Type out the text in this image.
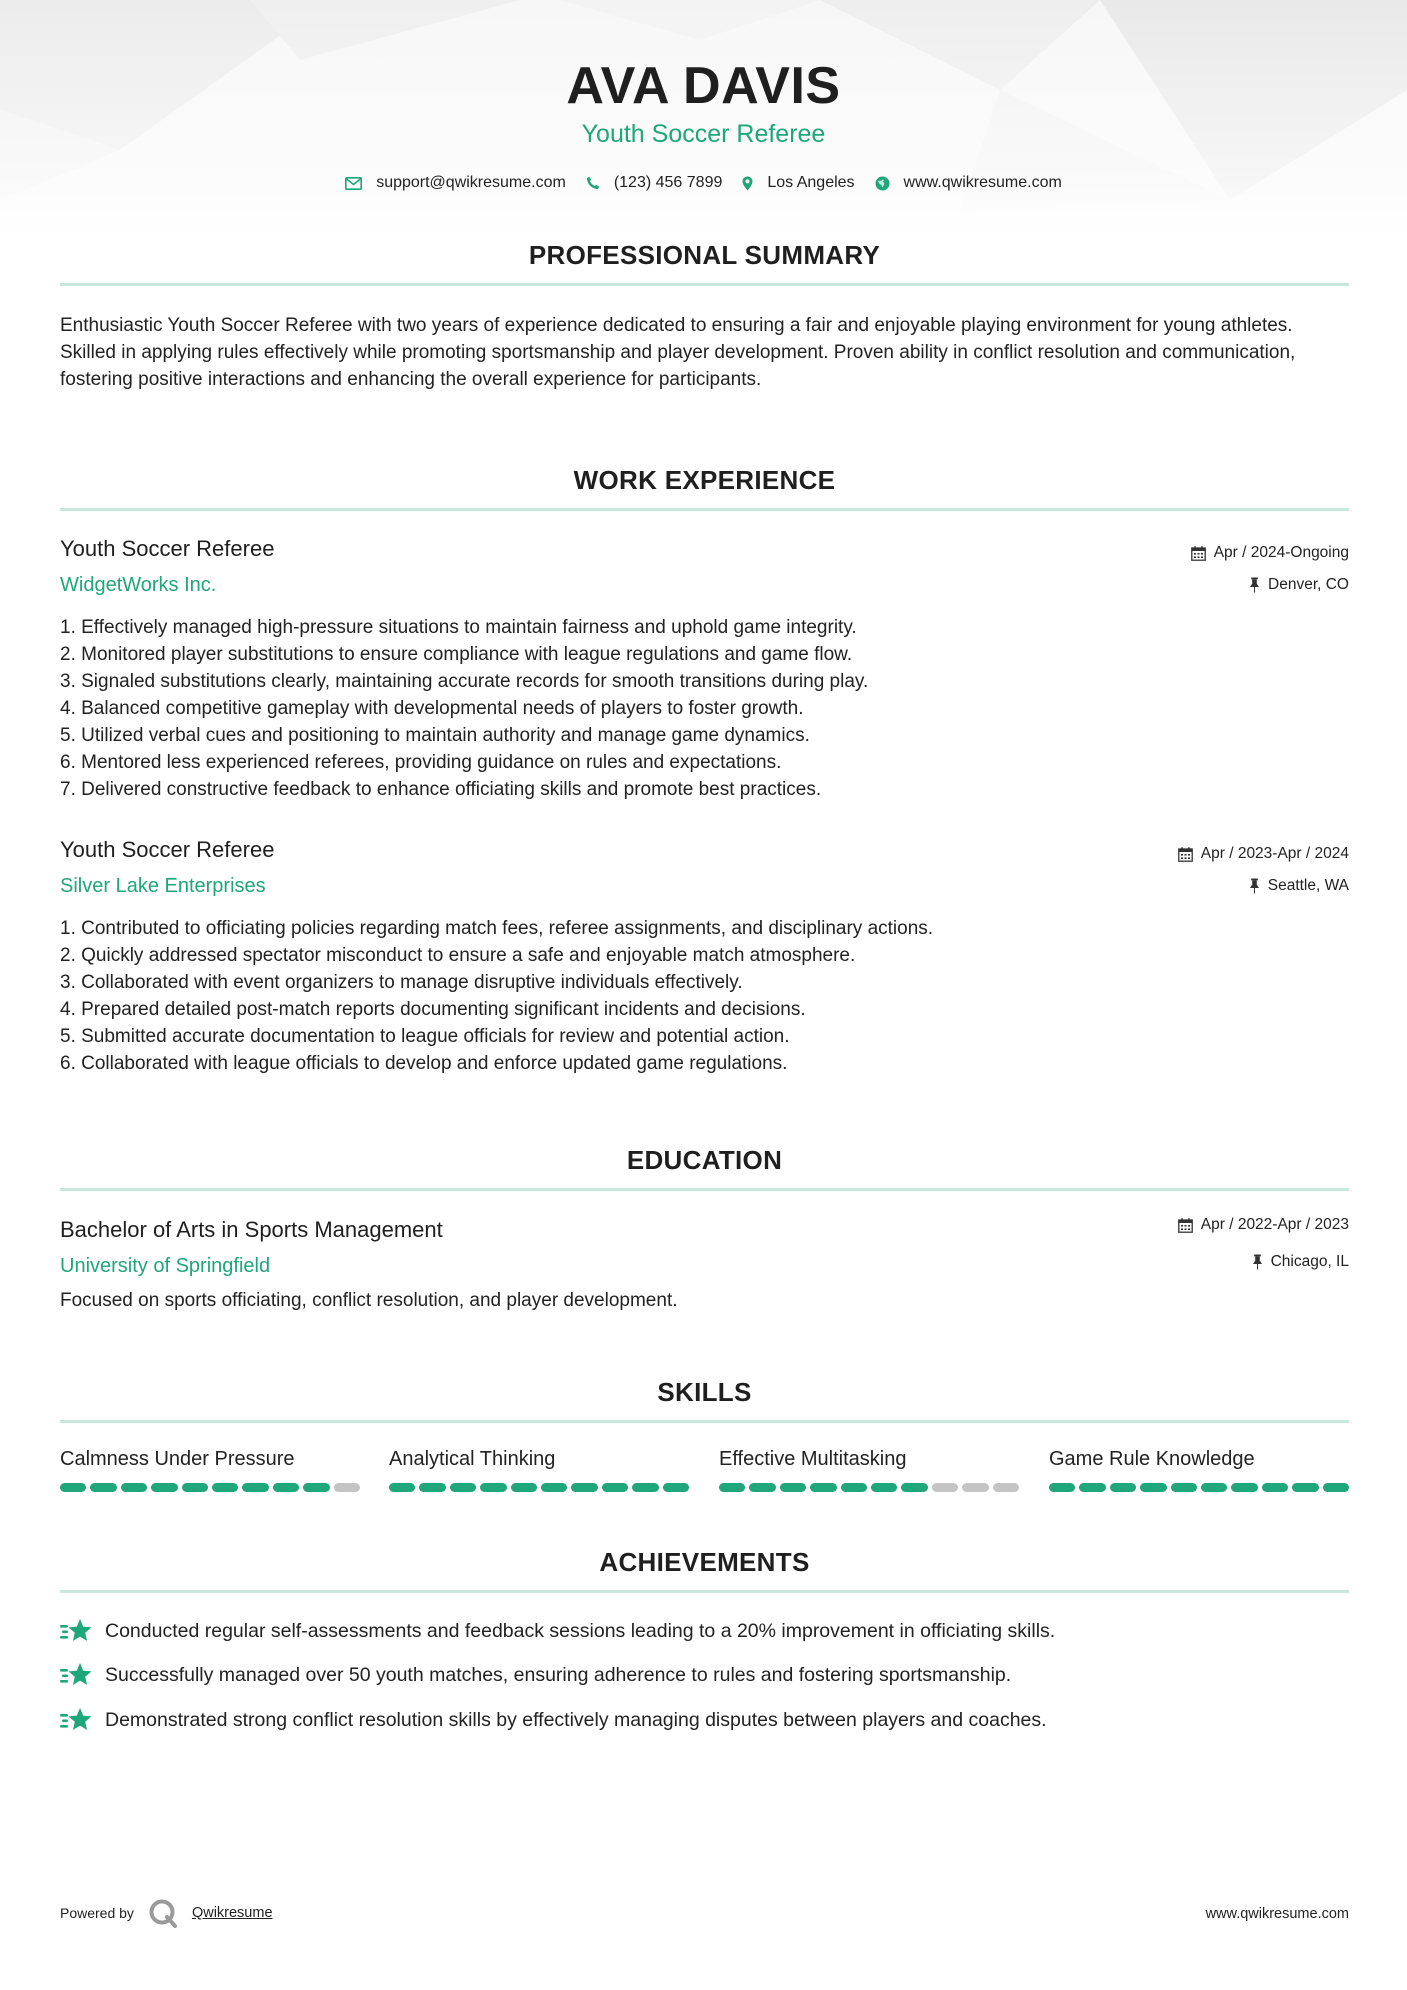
AVA DAVIS
Youth Soccer Referee
support@qwikresume.com	(123) 456 7899	Los Angeles	www.qwikresume.com
PROFESSIONAL SUMMARY
Enthusiastic Youth Soccer Referee with two years of experience dedicated to ensuring a fair and enjoyable playing environment for young athletes. Skilled in applying rules effectively while promoting sportsmanship and player development. Proven ability in conflict resolution and communication, fostering positive interactions and enhancing the overall experience for participants.
WORK EXPERIENCE
Youth Soccer Referee
WidgetWorks Inc.
Apr / 2024-Ongoing
Denver, CO
1. Effectively managed high-pressure situations to maintain fairness and uphold game integrity.
2. Monitored player substitutions to ensure compliance with league regulations and game flow.
3. Signaled substitutions clearly, maintaining accurate records for smooth transitions during play.
4. Balanced competitive gameplay with developmental needs of players to foster growth.
5. Utilized verbal cues and positioning to maintain authority and manage game dynamics.
6. Mentored less experienced referees, providing guidance on rules and expectations.
7. Delivered constructive feedback to enhance officiating skills and promote best practices.
Youth Soccer Referee
Silver Lake Enterprises
Apr / 2023-Apr / 2024
Seattle, WA
1. Contributed to officiating policies regarding match fees, referee assignments, and disciplinary actions.
2. Quickly addressed spectator misconduct to ensure a safe and enjoyable match atmosphere.
3. Collaborated with event organizers to manage disruptive individuals effectively.
4. Prepared detailed post-match reports documenting significant incidents and decisions.
5. Submitted accurate documentation to league officials for review and potential action.
6. Collaborated with league officials to develop and enforce updated game regulations.
EDUCATION
Bachelor of Arts in Sports Management
University of Springfield
Apr / 2022-Apr / 2023
Chicago, IL
Focused on sports officiating, conflict resolution, and player development.
SKILLS
Calmness Under Pressure	Analytical Thinking	Effective Multitasking	Game Rule Knowledge
ACHIEVEMENTS
Conducted regular self-assessments and feedback sessions leading to a 20% improvement in officiating skills.
Successfully managed over 50 youth matches, ensuring adherence to rules and fostering sportsmanship.
Demonstrated strong conflict resolution skills by effectively managing disputes between players and coaches.
Powered by	Qwikresume	www.qwikresume.com
